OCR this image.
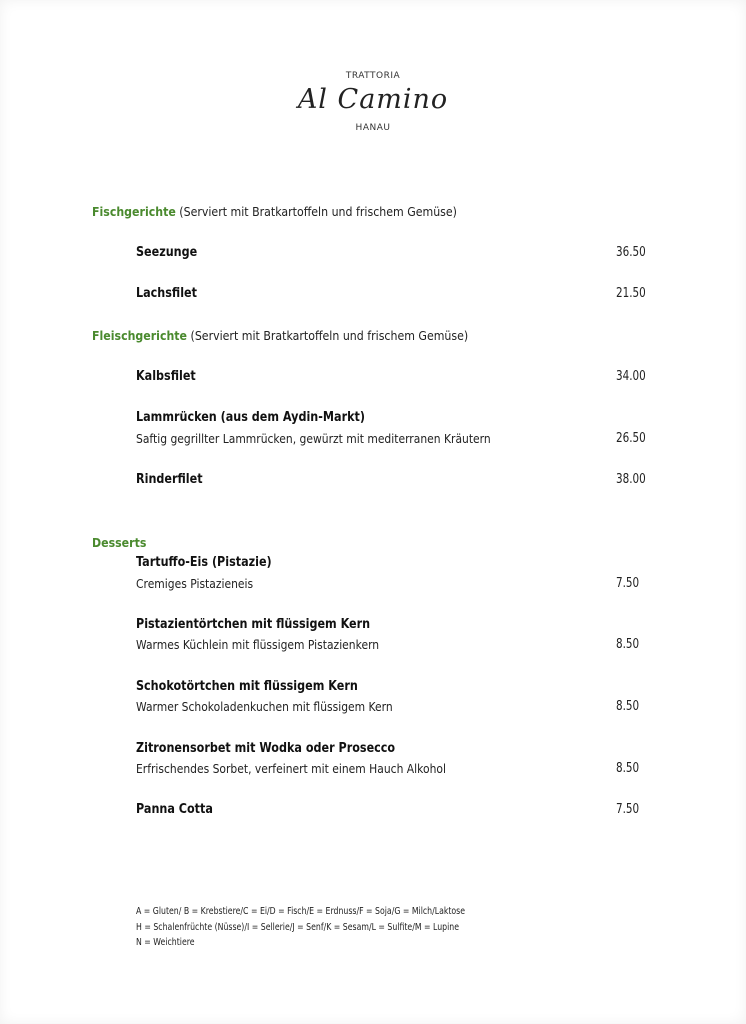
TRATTORIA
Al Camino
HANAU
Fischgerichte (Serviert mit Bratkartoffeln und frischem Gemüse)
Seezunge	36.50
Lachsfilet	21.50
Fleischgerichte (Serviert mit Bratkartoffeln und frischem Gemüse)
Kalbsfilet	34.00
Lammrücken (aus dem Aydin-Markt)
Saftig gegrillter Lammrücken, gewürzt mit mediterranen Kräutern	26.50
Rinderfilet	38.00
Desserts
Tartuffo-Eis (Pistazie)
Cremiges Pistazieneis	7.50
Pistazientörtchen mit flüssigem Kern
Warmes Küchlein mit flüssigem Pistazienkern	8.50
Schokotörtchen mit flüssigem Kern
Warmer Schokoladenkuchen mit flüssigem Kern	8.50
Zitronensorbet mit Wodka oder Prosecco
Erfrischendes Sorbet, verfeinert mit einem Hauch Alkohol	8.50
Panna Cotta	7.50
A = Gluten/ B = Krebstiere/C = Ei/D = Fisch/E = Erdnuss/F = Soja/G = Milch/Laktose
H = Schalenfrüchte (Nüsse)/I = Sellerie/J = Senf/K = Sesam/L = Sulfite/M = Lupine
N = Weichtiere
